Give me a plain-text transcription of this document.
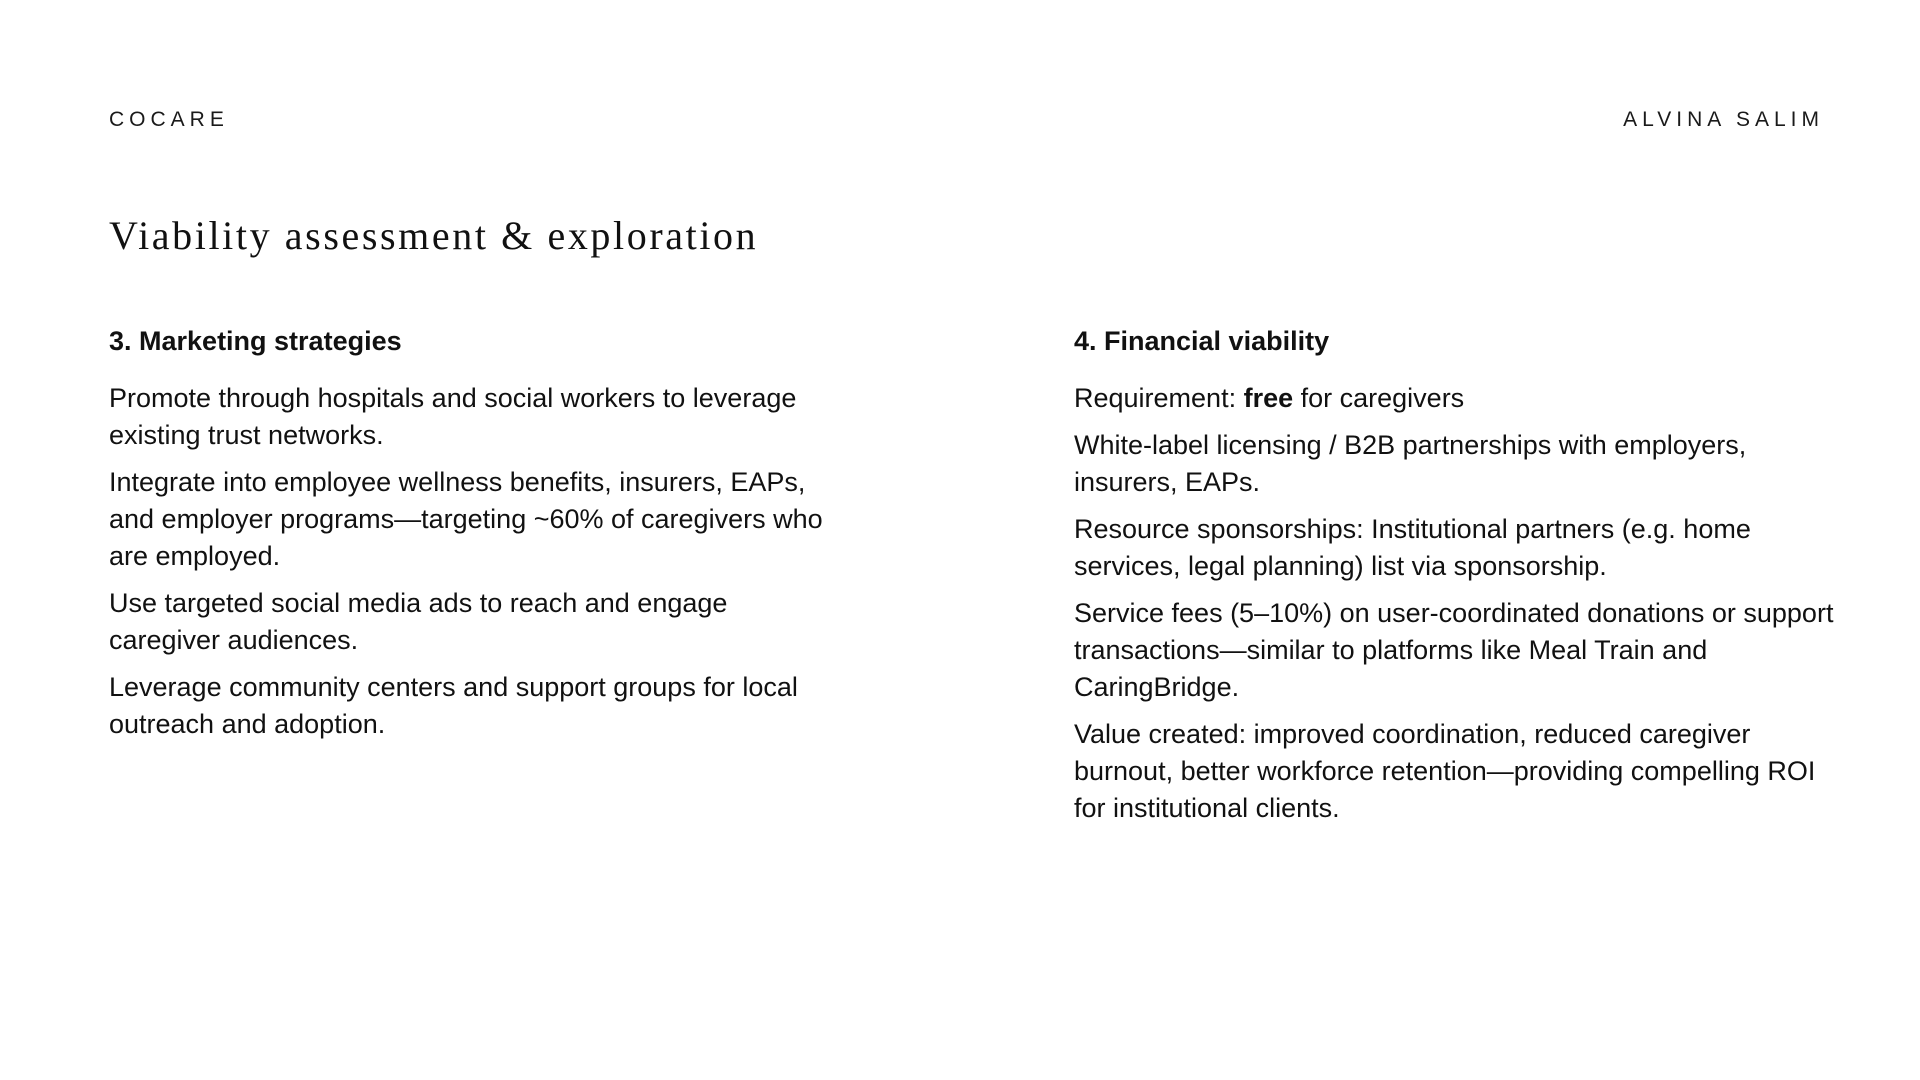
COCARE	ALVINA SALIM

Viability assessment & exploration
3. Marketing strategies

Promote through hospitals and social workers to leverage existing trust networks.

Integrate into employee wellness benefits, insurers, EAPs, and employer programs—targeting ~60% of caregivers who are employed.

Use targeted social media ads to reach and engage caregiver audiences.

Leverage community centers and support groups for local outreach and adoption.

4. Financial viability

Requirement: free for caregivers

White-label licensing / B2B partnerships with employers, insurers, EAPs.

Resource sponsorships: Institutional partners (e.g. home services, legal planning) list via sponsorship.

Service fees (5–10%) on user-coordinated donations or support transactions—similar to platforms like Meal Train and CaringBridge.

Value created: improved coordination, reduced caregiver burnout, better workforce retention—providing compelling ROI for institutional clients.
